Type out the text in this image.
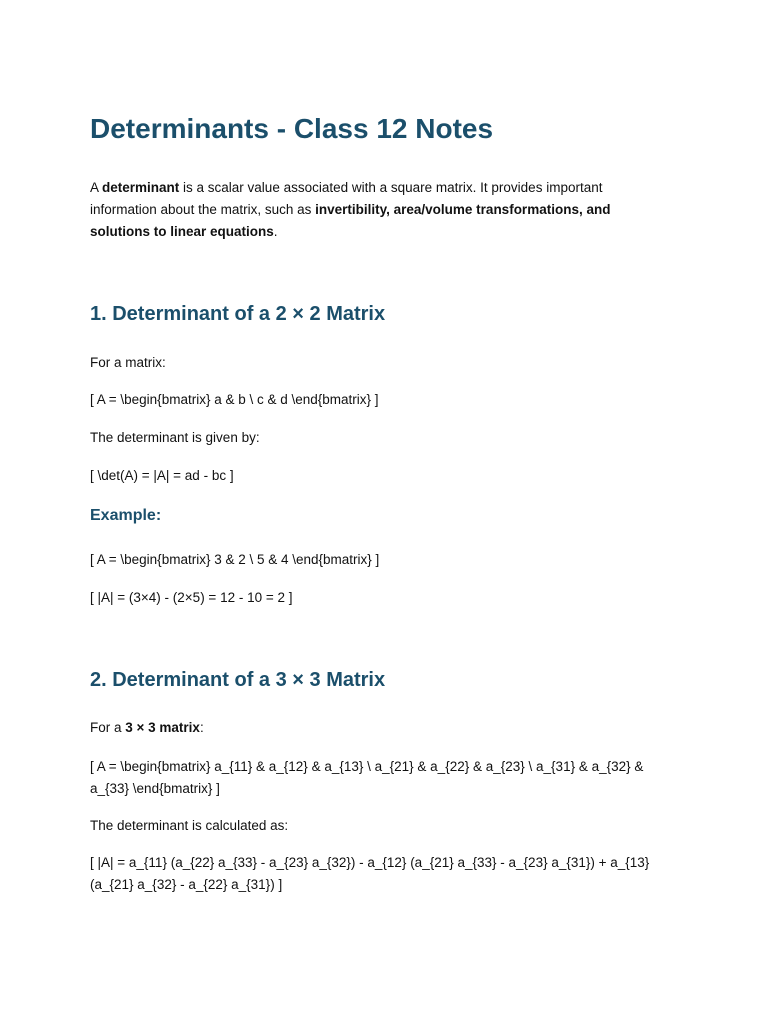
Determinants - Class 12 Notes

A determinant is a scalar value associated with a square matrix. It provides important information about the matrix, such as invertibility, area/volume transformations, and solutions to linear equations.

1. Determinant of a 2 × 2 Matrix

For a matrix:

[ A = \begin{bmatrix} a & b \ c & d \end{bmatrix} ]

The determinant is given by:

[ \det(A) = |A| = ad - bc ]

Example:

[ A = \begin{bmatrix} 3 & 2 \ 5 & 4 \end{bmatrix} ]

[ |A| = (3×4) - (2×5) = 12 - 10 = 2 ]

2. Determinant of a 3 × 3 Matrix

For a 3 × 3 matrix:

[ A = \begin{bmatrix} a_{11} & a_{12} & a_{13} \ a_{21} & a_{22} & a_{23} \ a_{31} & a_{32} & a_{33} \end{bmatrix} ]

The determinant is calculated as:

[ |A| = a_{11} (a_{22} a_{33} - a_{23} a_{32}) - a_{12} (a_{21} a_{33} - a_{23} a_{31}) + a_{13} (a_{21} a_{32} - a_{22} a_{31}) ]
